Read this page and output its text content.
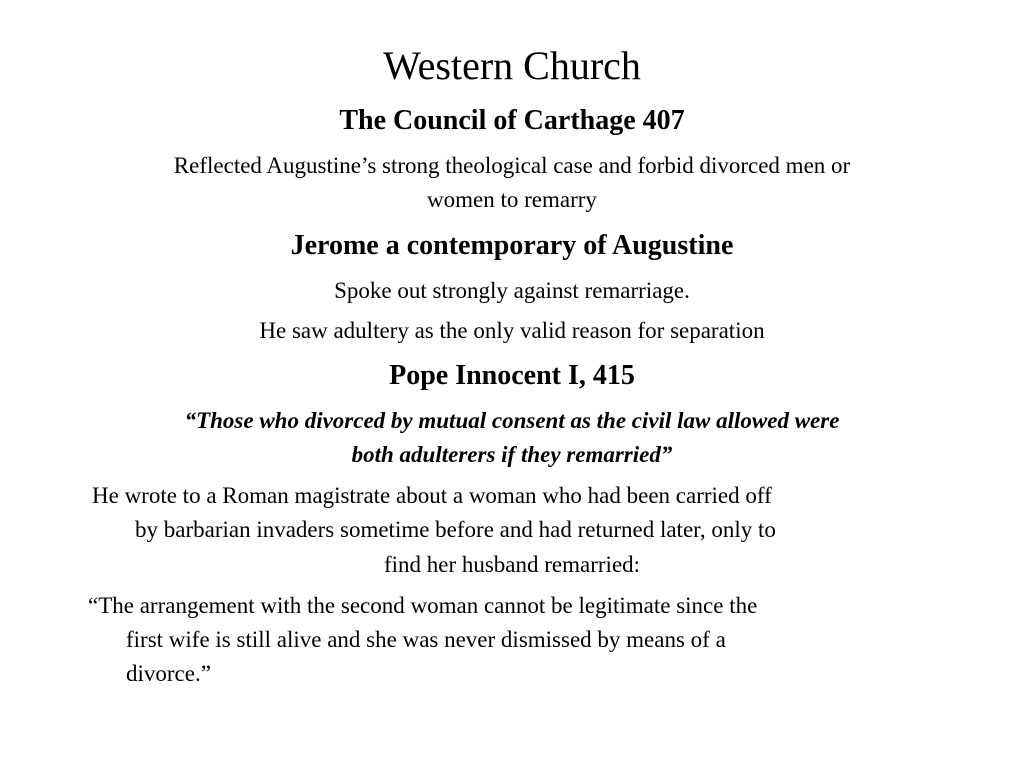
Western Church
The Council of Carthage 407
Reflected Augustine’s strong theological case and forbid divorced men or
women to remarry
Jerome a contemporary of Augustine
Spoke out strongly against remarriage.
He saw adultery as the only valid reason for separation
Pope Innocent I, 415
“Those who divorced by mutual consent as the civil law allowed were
both adulterers if they remarried”
He wrote to a Roman magistrate about a woman who had been carried off
by barbarian invaders sometime before and had returned later, only to
find her husband remarried:
“The arrangement with the second woman cannot be legitimate since the
first wife is still alive and she was never dismissed by means of a
divorce.”
